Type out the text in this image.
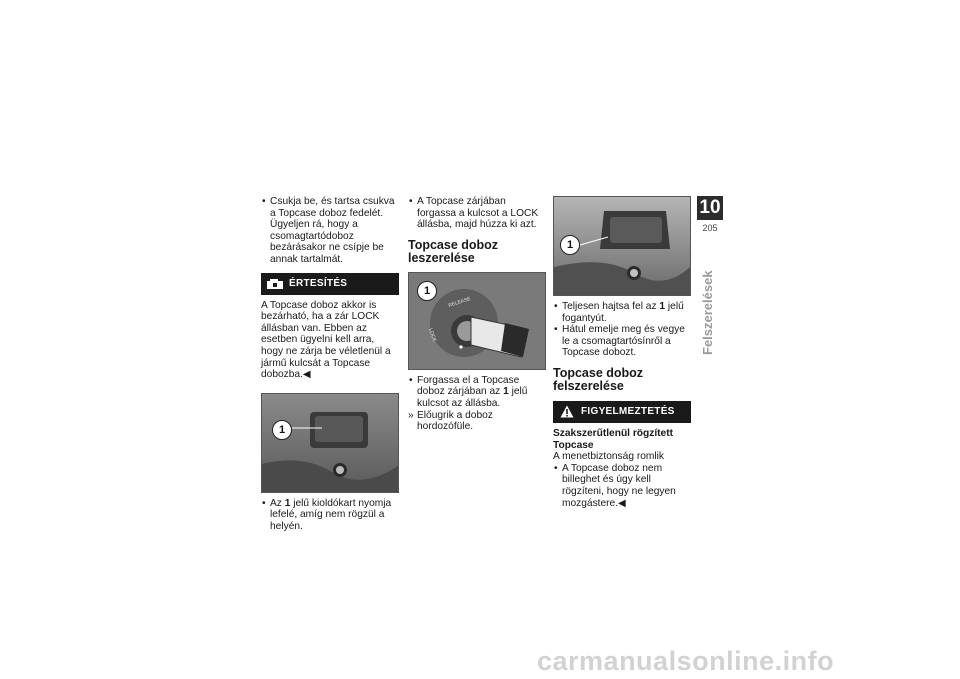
• Csukja be, és tartsa csukva a Topcase doboz fedelét. Ügyeljen rá, hogy a csomagtartódoboz bezárásakor ne csípje be annak tartalmát.

ÉRTESÍTÉS

A Topcase doboz akkor is bezárható, ha a zár LOCK állásban van. Ebben az esetben ügyelni kell arra, hogy ne zárja be véletlenül a jármű kulcsát a Topcase dobozba.◀

1

• Az 1 jelű kioldókart nyomja lefelé, amíg nem rögzül a helyén.

• A Topcase zárjában forgassa a kulcsot a LOCK állásba, majd húzza ki azt.

Topcase doboz leszerelése
RELEASE
LOCK
1

• Forgassa el a Topcase doboz zárjában az 1 jelű kulcsot az állásba.

» Előugrik a doboz hordozófüle.

1

• Teljesen hajtsa fel az 1 jelű fogantyút.

• Hátul emelje meg és vegye le a csomagtartósínről a Topcase dobozt.

Topcase doboz felszerelése
FIGYELMEZTETÉS

Szakszerűtlenül rögzített Topcase

A menetbiztonság romlik

• A Topcase doboz nem billeghet és úgy kell rögzíteni, hogy ne legyen mozgástere.◀

10
205
Felszerelések
carmanualsonline.info
